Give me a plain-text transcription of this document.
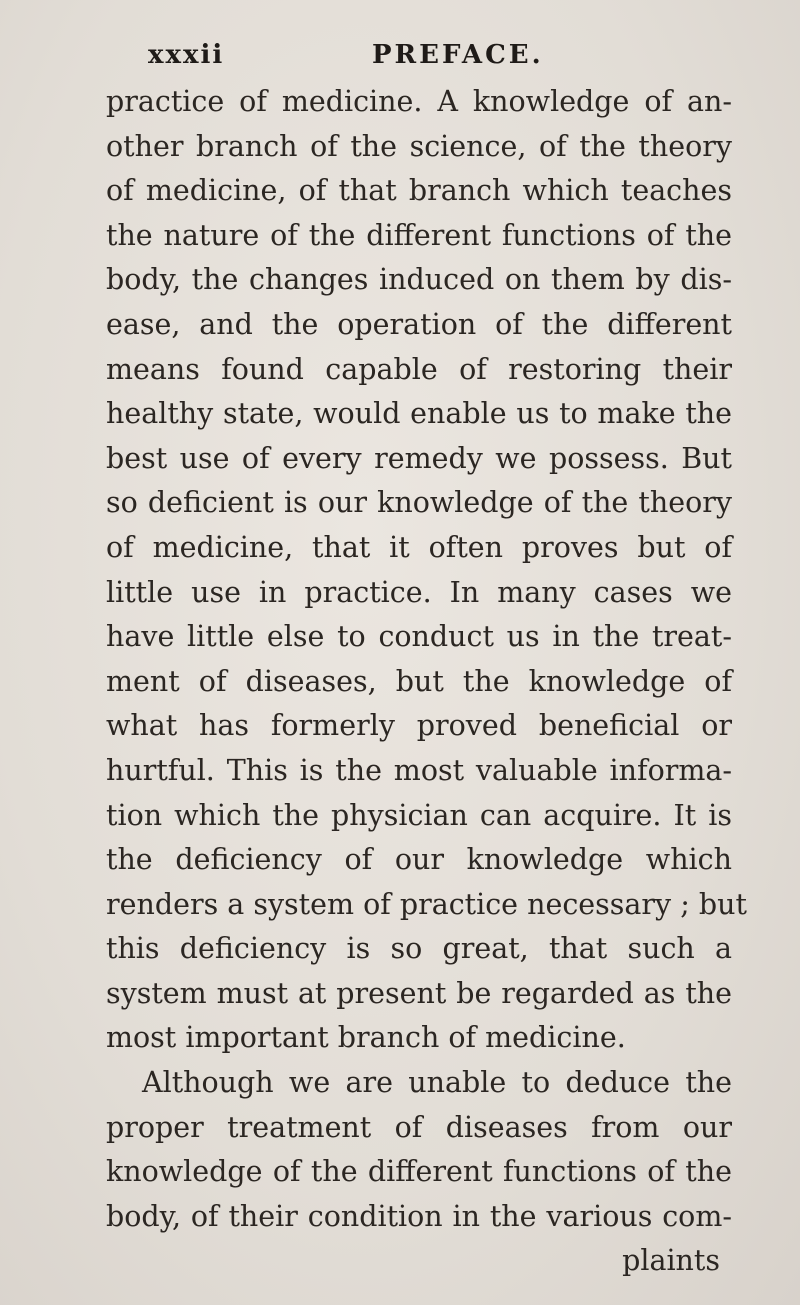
xxxii	PREFACE.
practice of medicine. A knowledge of an-
other branch of the science, of the theory
of medicine, of that branch which teaches
the nature of the different functions of the
body, the changes induced on them by dis-
ease, and the operation of the different
means found capable of restoring their
healthy state, would enable us to make the
best use of every remedy we possess. But
so deficient is our knowledge of the theory
of medicine, that it often proves but of
little use in practice. In many cases we
have little else to conduct us in the treat-
ment of diseases, but the knowledge of
what has formerly proved beneficial or
hurtful. This is the most valuable informa-
tion which the physician can acquire. It is
the deficiency of our knowledge which
renders a system of practice necessary ; but
this deficiency is so great, that such a
system must at present be regarded as the
most important branch of medicine.
Although we are unable to deduce the
proper treatment of diseases from our
knowledge of the different functions of the
body, of their condition in the various com-
plaints
